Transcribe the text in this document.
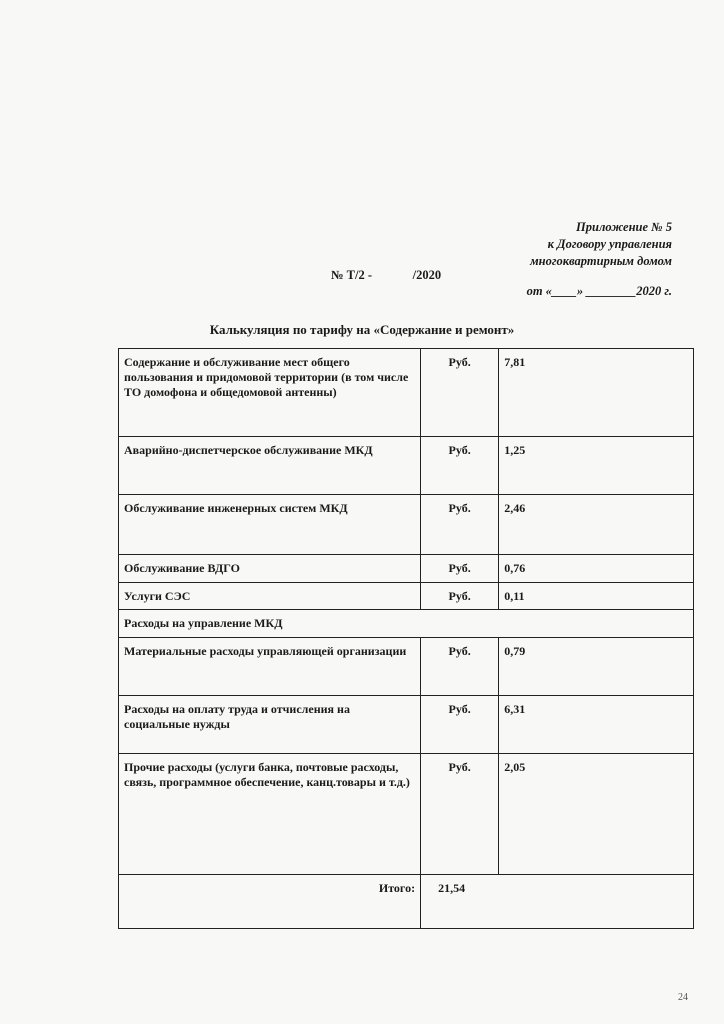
Приложение № 5
к Договору управления
многоквартирным домом
№ Т/2 -             /2020
от «____» ________2020 г.
Калькуляция по тарифу на «Содержание и ремонт»
Содержание и обслуживание мест общего пользования и придомовой территории (в том числе ТО домофона и общедомовой антенны)	Руб.	7,81
Аварийно-диспетчерское обслуживание МКД	Руб.	1,25
Обслуживание инженерных систем МКД	Руб.	2,46
Обслуживание ВДГО	Руб.	0,76
Услуги СЭС	Руб.	0,11
Расходы на управление МКД		
Материальные расходы управляющей организации	Руб.	0,79
Расходы на оплату труда и отчисления на социальные нужды	Руб.	6,31
Прочие расходы (услуги банка, почтовые расходы, связь, программное обеспечение, канц.товары и т.д.)	Руб.	2,05
Итого:	21,54	
24
